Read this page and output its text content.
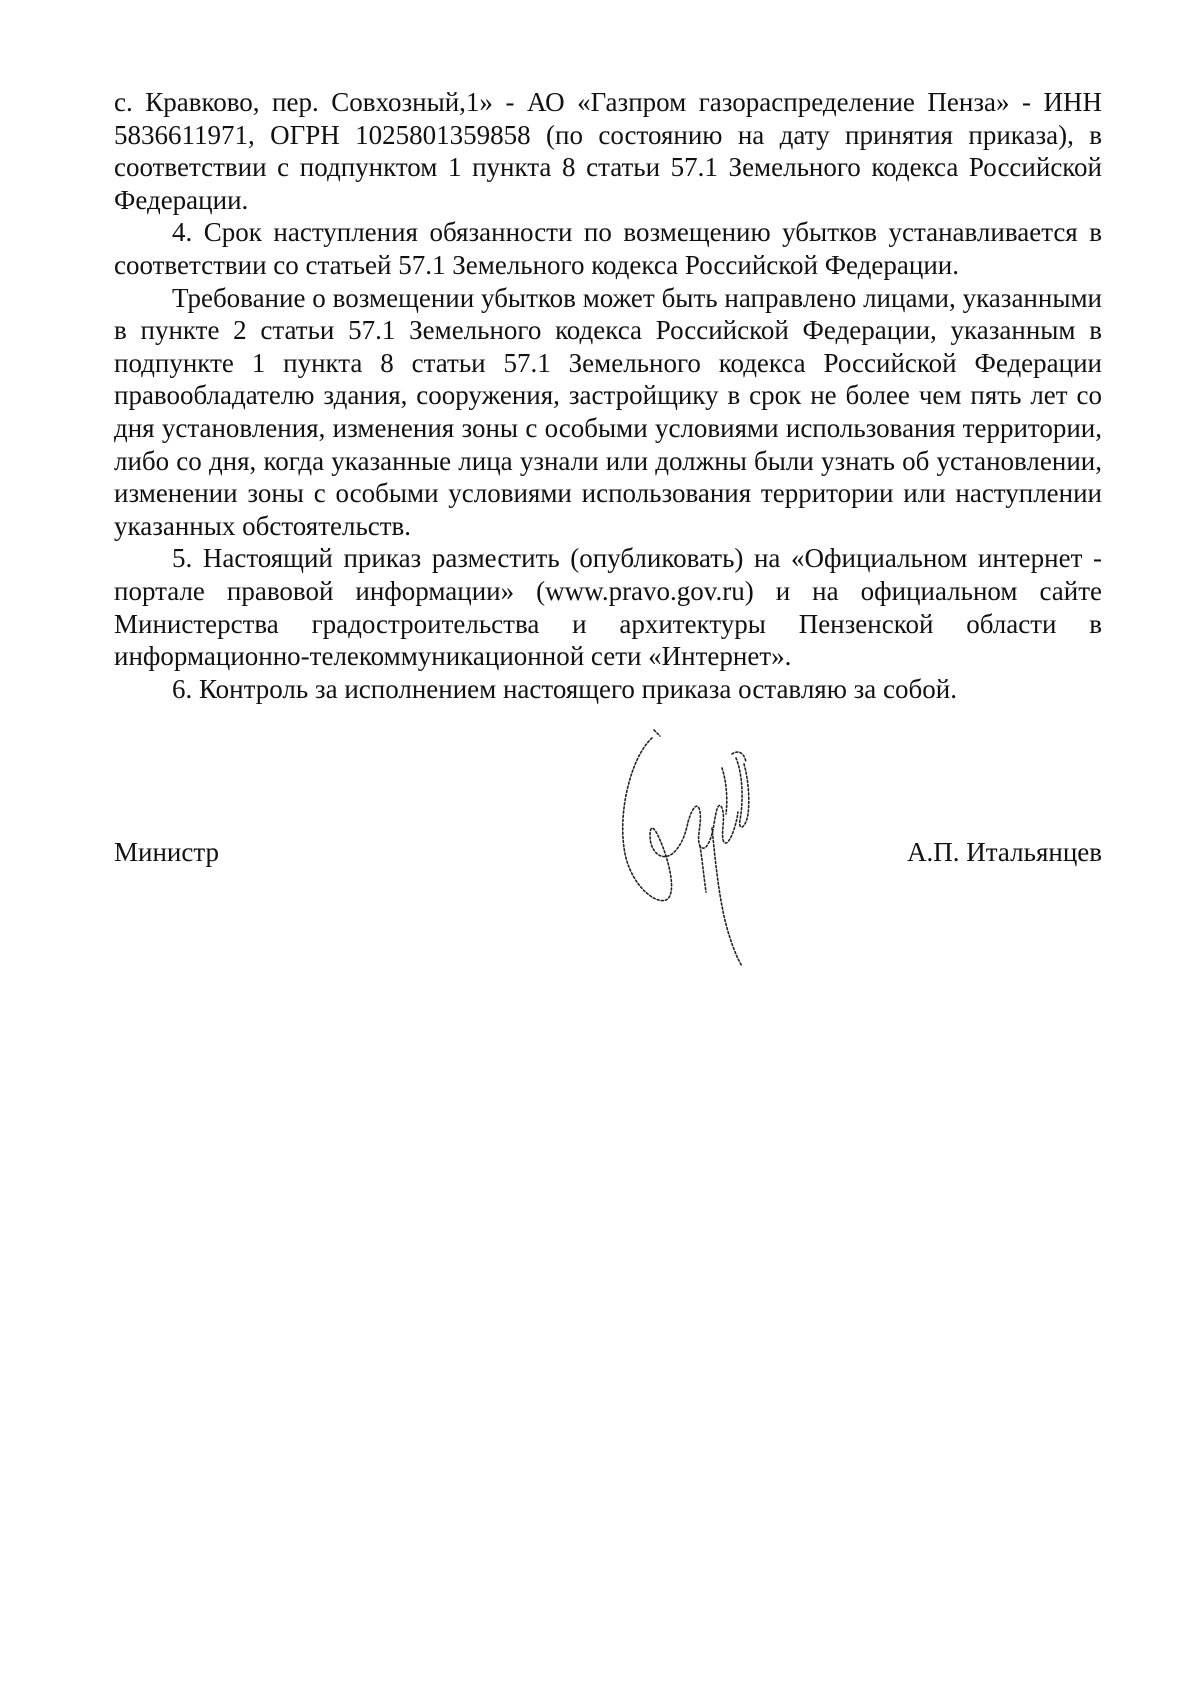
с. Кравково, пер. Совхозный,1» - АО «Газпром газораспределение Пенза» - ИНН 5836611971, ОГРН 1025801359858 (по состоянию на дату принятия приказа), в соответствии с подпунктом 1 пункта 8 статьи 57.1 Земельного кодекса Российской Федерации.

4. Срок наступления обязанности по возмещению убытков устанавливается в соответствии со статьей 57.1 Земельного кодекса Российской Федерации.

Требование о возмещении убытков может быть направлено лицами, указанными в пункте 2 статьи 57.1 Земельного кодекса Российской Федерации, указанным в подпункте 1 пункта 8 статьи 57.1 Земельного кодекса Российской Федерации правообладателю здания, сооружения, застройщику в срок не более чем пять лет со дня установления, изменения зоны с особыми условиями использования территории, либо со дня, когда указанные лица узнали или должны были узнать об установлении, изменении зоны с особыми условиями использования территории или наступлении указанных обстоятельств.

5. Настоящий приказ разместить (опубликовать) на «Официальном интернет - портале правовой информации» (www.pravo.gov.ru) и на официальном сайте Министерства градостроительства и архитектуры Пензенской области в информационно-телекоммуникационной сети «Интернет».

6. Контроль за исполнением настоящего приказа оставляю за собой.

Министр	А.П. Итальянцев
